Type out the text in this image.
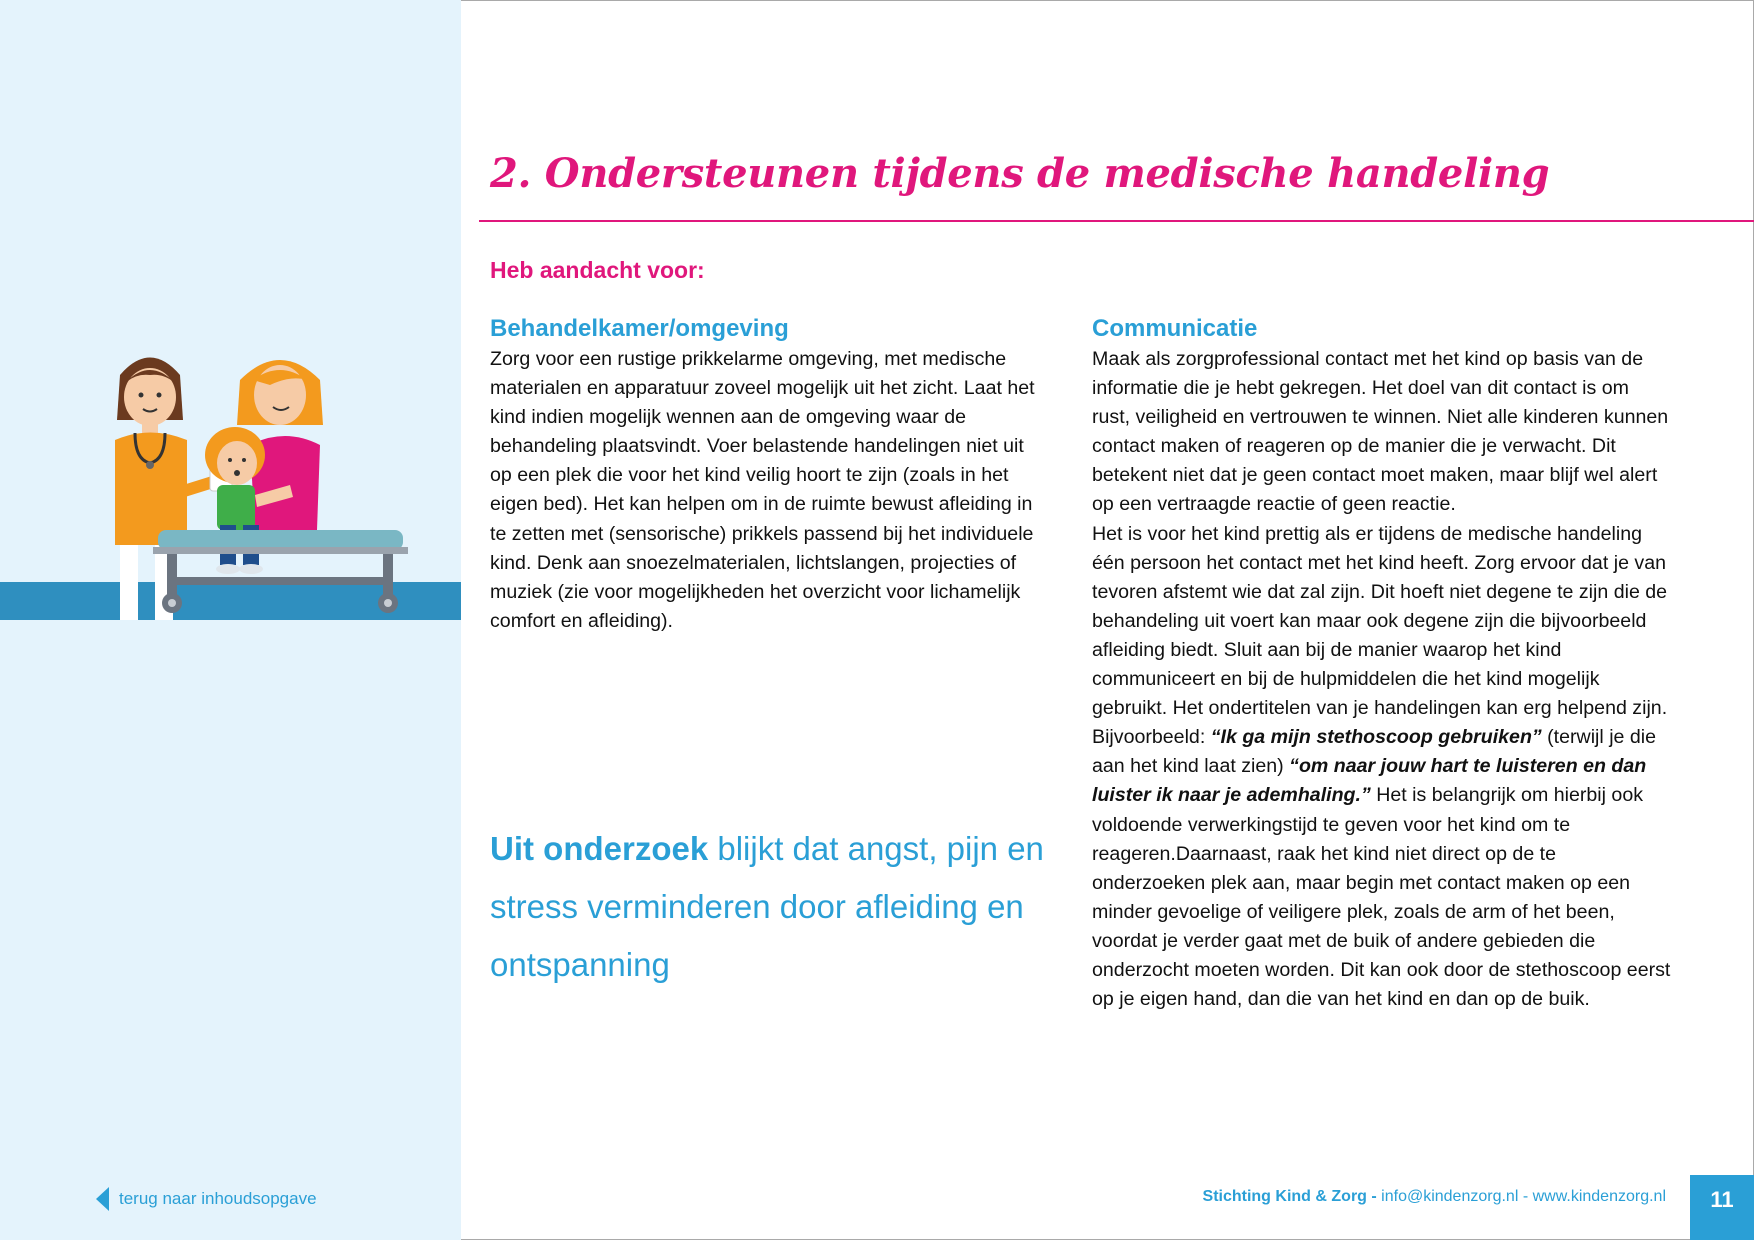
terug naar inhoudsopgave
2. Ondersteunen tijdens de medische handeling
Heb aandacht voor:
Behandelkamer/omgeving

Zorg voor een rustige prikkelarme omgeving, met medische materialen en apparatuur zoveel mogelijk uit het zicht. Laat het kind indien mogelijk wennen aan de omgeving waar de behandeling plaatsvindt. Voer belastende handelingen niet uit op een plek die voor het kind veilig hoort te zijn (zoals in het eigen bed). Het kan helpen om in de ruimte bewust afleiding in te zetten met (sensorische) prikkels passend bij het individuele kind. Denk aan snoezelmaterialen, lichtslangen, projecties of muziek (zie voor mogelijkheden het overzicht voor lichamelijk comfort en afleiding).

Uit onderzoek blijkt dat angst, pijn en stress verminderen door afleiding en ontspanning
Communicatie

Maak als zorgprofessional contact met het kind op basis van de informatie die je hebt gekregen. Het doel van dit contact is om rust, veiligheid en vertrouwen te winnen. Niet alle kinderen kunnen contact maken of reageren op de manier die je verwacht. Dit betekent niet dat je geen contact moet maken, maar blijf wel alert op een vertraagde reactie of geen reactie.

Het is voor het kind prettig als er tijdens de medische handeling één persoon het contact met het kind heeft. Zorg ervoor dat je van tevoren afstemt wie dat zal zijn. Dit hoeft niet degene te zijn die de behandeling uit voert kan maar ook degene zijn die bijvoorbeeld afleiding biedt. Sluit aan bij de manier waarop het kind communiceert en bij de hulpmiddelen die het kind mogelijk gebruikt. Het ondertitelen van je handelingen kan erg helpend zijn. Bijvoorbeeld: “Ik ga mijn stethoscoop gebruiken” (terwijl je die aan het kind laat zien) “om naar jouw hart te luisteren en dan luister ik naar je ademhaling.” Het is belangrijk om hierbij ook voldoende verwerkingstijd te geven voor het kind om te reageren.Daarnaast, raak het kind niet direct op de te onderzoeken plek aan, maar begin met contact maken op een minder gevoelige of veiligere plek, zoals de arm of het been, voordat je verder gaat met de buik of andere gebieden die onderzocht moeten worden. Dit kan ook door de stethoscoop eerst op je eigen hand, dan die van het kind en dan op de buik.

Stichting Kind & Zorg - info@kindenzorg.nl - www.kindenzorg.nl	11
